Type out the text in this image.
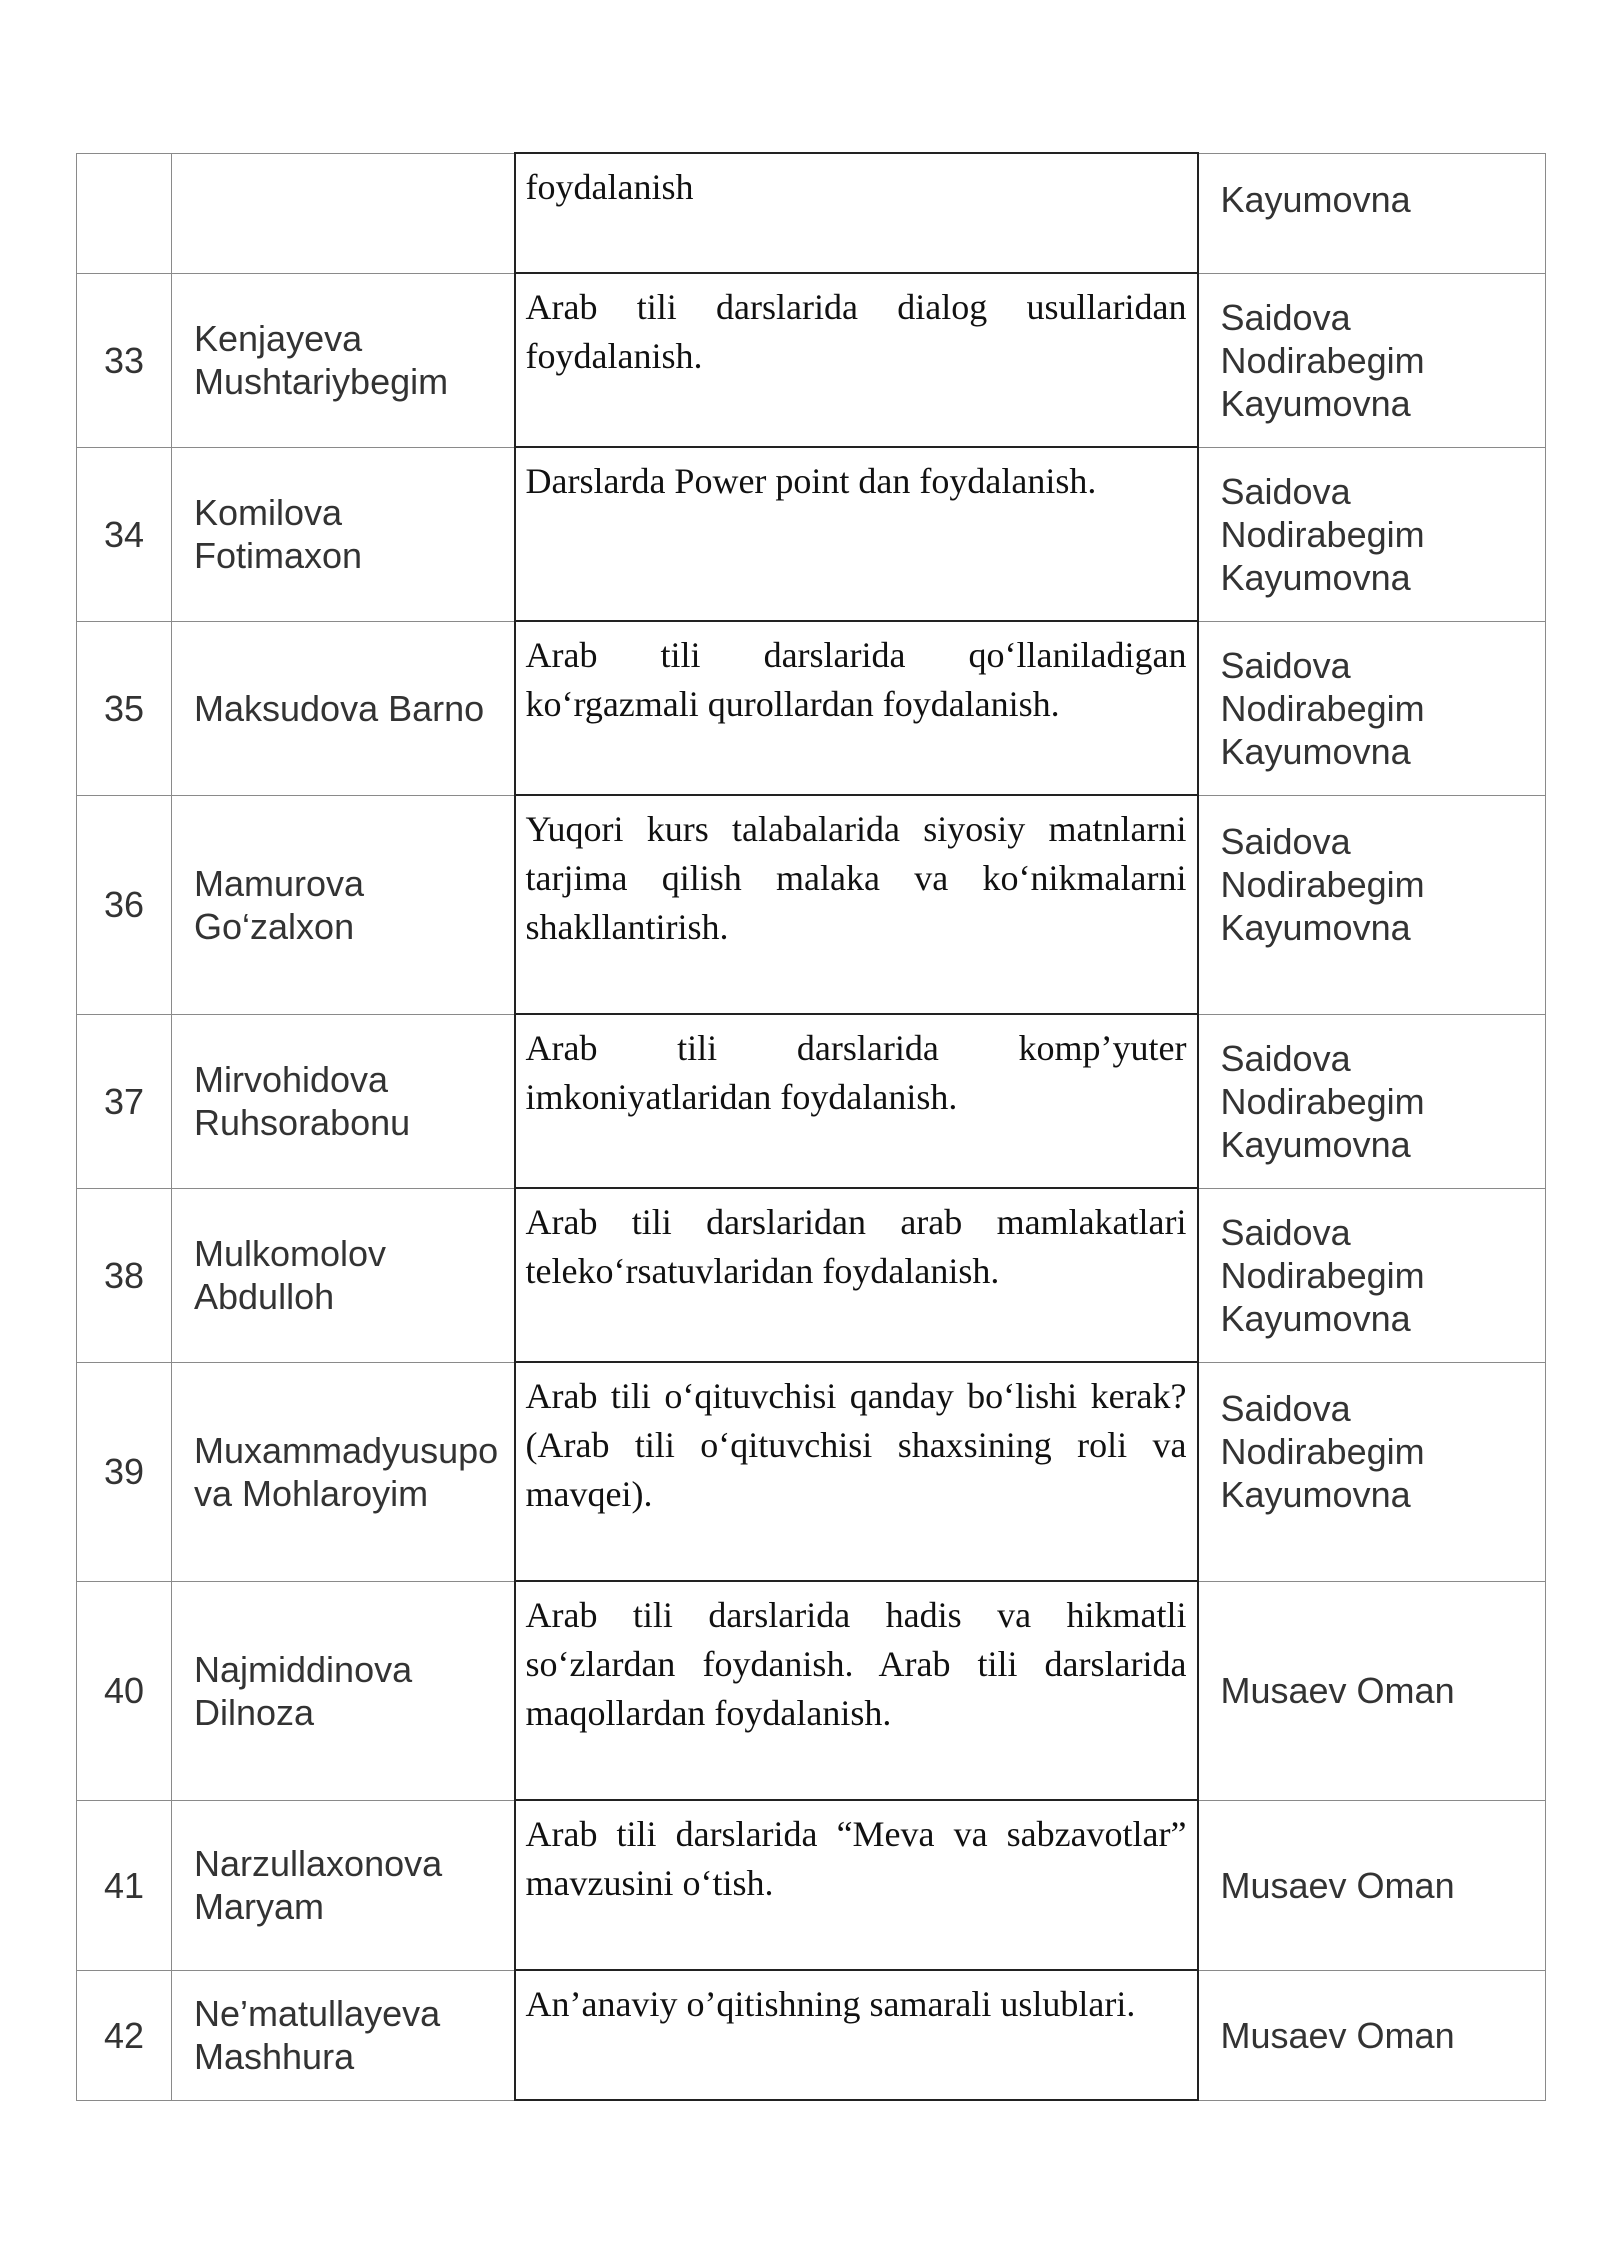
		foydalanish	Kayumovna

33	Kenjayeva
Mushtariybegim	Arab tili darslarida dialog usullaridan foydalanish.	Saidova
Nodirabegim
Kayumovna

34	Komilova
Fotimaxon	Darslarda Power point dan foydalanish.	Saidova
Nodirabegim
Kayumovna

35	Maksudova Barno	Arab tili darslarida qo‘llaniladigan ko‘rgazmali qurollardan foydalanish.	Saidova
Nodirabegim
Kayumovna

36	Mamurova
Go‘zalxon	Yuqori kurs talabalarida siyosiy matnlarni tarjima qilish malaka va ko‘nikmalarni shakllantirish.	Saidova
Nodirabegim
Kayumovna

37	Mirvohidova
Ruhsorabonu	Arab tili darslarida komp’yuter imkoniyatlaridan foydalanish.	Saidova
Nodirabegim
Kayumovna

38	Mulkomolov
Abdulloh	Arab tili darslaridan arab mamlakatlari teleko‘rsatuvlaridan foydalanish.	Saidova
Nodirabegim
Kayumovna

39	Muxammadyusupo
va Mohlaroyim	Arab tili o‘qituvchisi qanday bo‘lishi kerak? (Arab tili o‘qituvchisi shaxsining roli va mavqei).	Saidova
Nodirabegim
Kayumovna

40	Najmiddinova
Dilnoza	Arab tili darslarida hadis va hikmatli so‘zlardan foydanish. Arab tili darslarida maqollardan foydalanish.	Musaev Oman

41	Narzullaxonova
Maryam	Arab tili darslarida “Meva va sabzavotlar” mavzusini o‘tish.	Musaev Oman

42	Ne’matullayeva
Mashhura	An’anaviy o’qitishning samarali uslublari.	Musaev Oman
